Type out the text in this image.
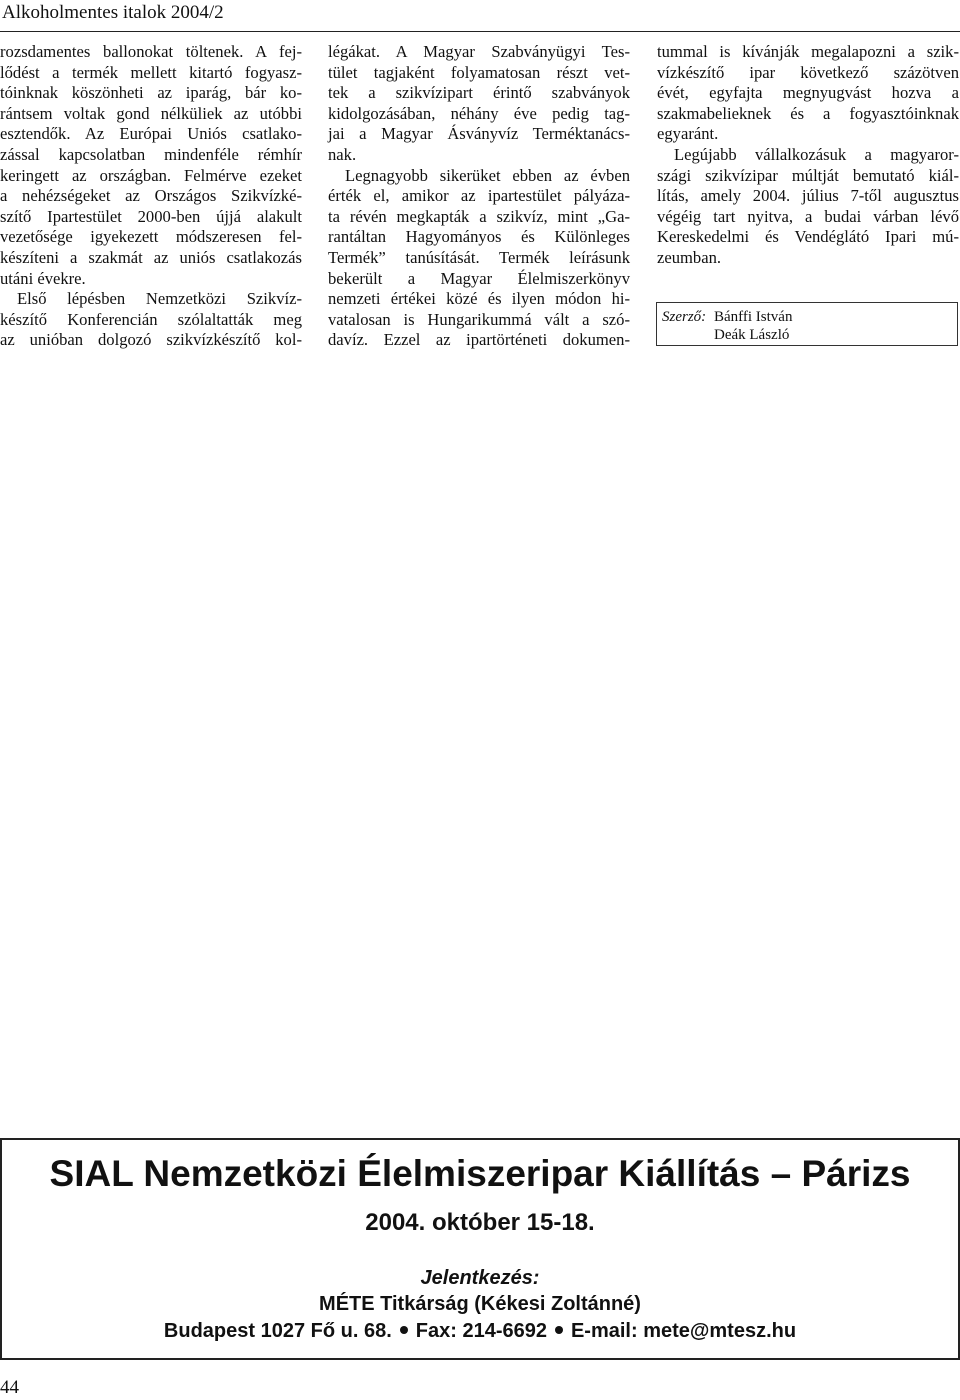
Alkoholmentes italok 2004/2
rozsdamentes ballonokat töltenek. A fej-
lődést a termék mellett kitartó fogyasz-
tóinknak köszönheti az iparág, bár ko-
rántsem voltak gond nélküliek az utóbbi
esztendők. Az Európai Uniós csatlako-
zással kapcsolatban mindenféle rémhír
keringett az országban. Felmérve ezeket
a nehézségeket az Országos Szikvízké-
szítő Ipartestület 2000-ben újjá alakult
vezetősége igyekezett módszeresen fel-
készíteni a szakmát az uniós csatlakozás
utáni évekre.
Első lépésben Nemzetközi Szikvíz-
készítő Konferencián szólaltatták meg
az unióban dolgozó szikvízkészítő kol-
légákat. A Magyar Szabványügyi Tes-
tület tagjaként folyamatosan részt vet-
tek a szikvízipart érintő szabványok
kidolgozásában, néhány éve pedig tag-
jai a Magyar Ásványvíz Terméktanács-
nak.
Legnagyobb sikerüket ebben az évben
érték el, amikor az ipartestület pályáza-
ta révén megkapták a szikvíz, mint „Ga-
rantáltan Hagyományos és Különleges
Termék” tanúsítását. Termék leírásunk
bekerült a Magyar Élelmiszerkönyv
nemzeti értékei közé és ilyen módon hi-
vatalosan is Hungarikummá vált a szó-
davíz. Ezzel az ipartörténeti dokumen-
tummal is kívánják megalapozni a szik-
vízkészítő ipar következő százötven
évét, egyfajta megnyugvást hozva a
szakmabelieknek és a fogyasztóinknak
egyaránt.
Legújabb vállalkozásuk a magyaror-
szági szikvízipar múltját bemutató kiál-
lítás, amely 2004. július 7-től augusztus
végéig tart nyitva, a budai várban lévő
Kereskedelmi és Vendéglátó Ipari mú-
zeumban.
Szerző: Bánffi István
Deák László
SIAL Nemzetközi Élelmiszeripar Kiállítás – Párizs
2004. október 15-18.
Jelentkezés:
MÉTE Titkárság (Kékesi Zoltánné)
Budapest 1027 Fő u. 68. Fax: 214-6692 E-mail: mete@mtesz.hu
44
